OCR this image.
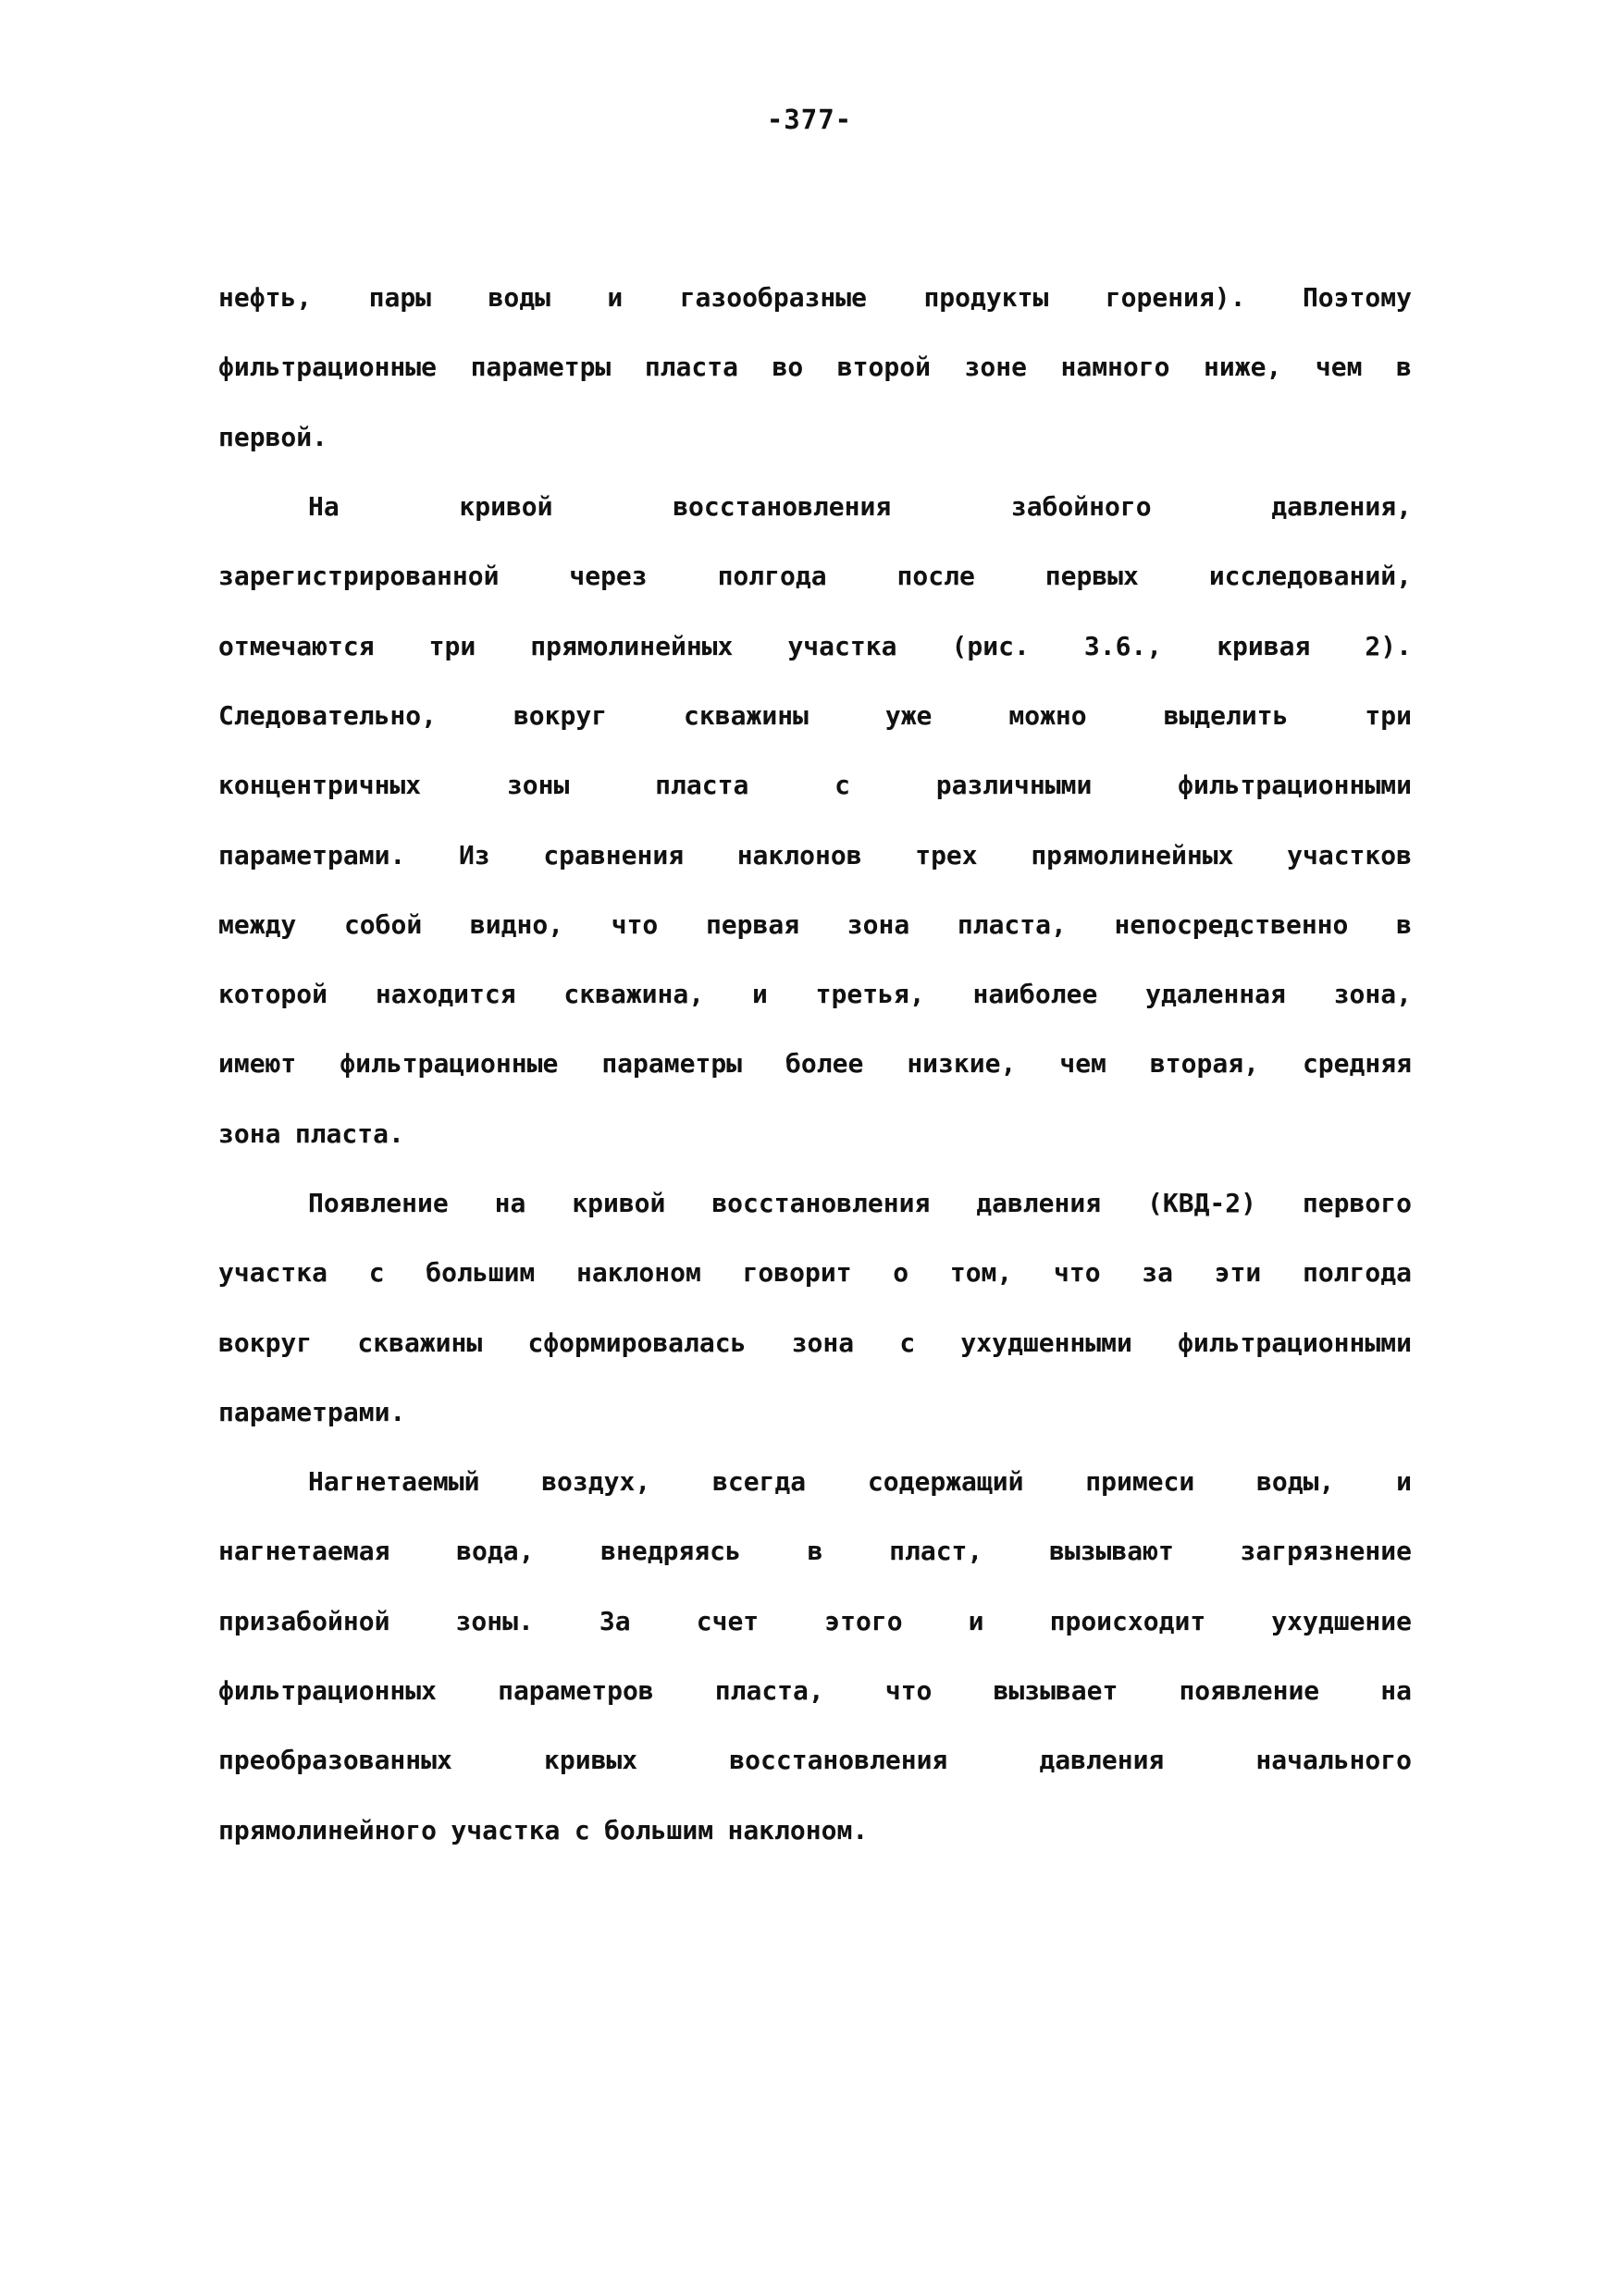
-377-
нефть, пары воды и газообразные продукты горения). Поэтому
фильтрационные параметры пласта во второй зоне намного ниже, чем в
первой.
На	кривой	восстановления	забойного	давления,
зарегистрированной	через	полгода	после	первых	исследований,
отмечаются три прямолинейных участка (рис. 3.6., кривая 2).
Следовательно,	вокруг	скважины	уже	можно	выделить	три
концентричных	зоны	пласта	с	различными	фильтрационными
параметрами. Из сравнения наклонов трех прямолинейных участков
между собой видно, что первая зона пласта, непосредственно в
которой находится скважина, и третья, наиболее удаленная зона,
имеют фильтрационные параметры более низкие, чем вторая, средняя
зона пласта.
Появление на кривой восстановления давления (КВД-2) первого
участка с большим наклоном говорит о том, что за эти полгода
вокруг скважины сформировалась зона с ухудшенными фильтрационными
параметрами.
Нагнетаемый воздух, всегда содержащий примеси воды, и
нагнетаемая	вода,	внедряясь	в	пласт,	вызывают	загрязнение
призабойной	зоны.	За	счет	этого	и	происходит	ухудшение
фильтрационных параметров пласта, что вызывает появление на
преобразованных	кривых	восстановления	давления	начального
прямолинейного участка с большим наклоном.
